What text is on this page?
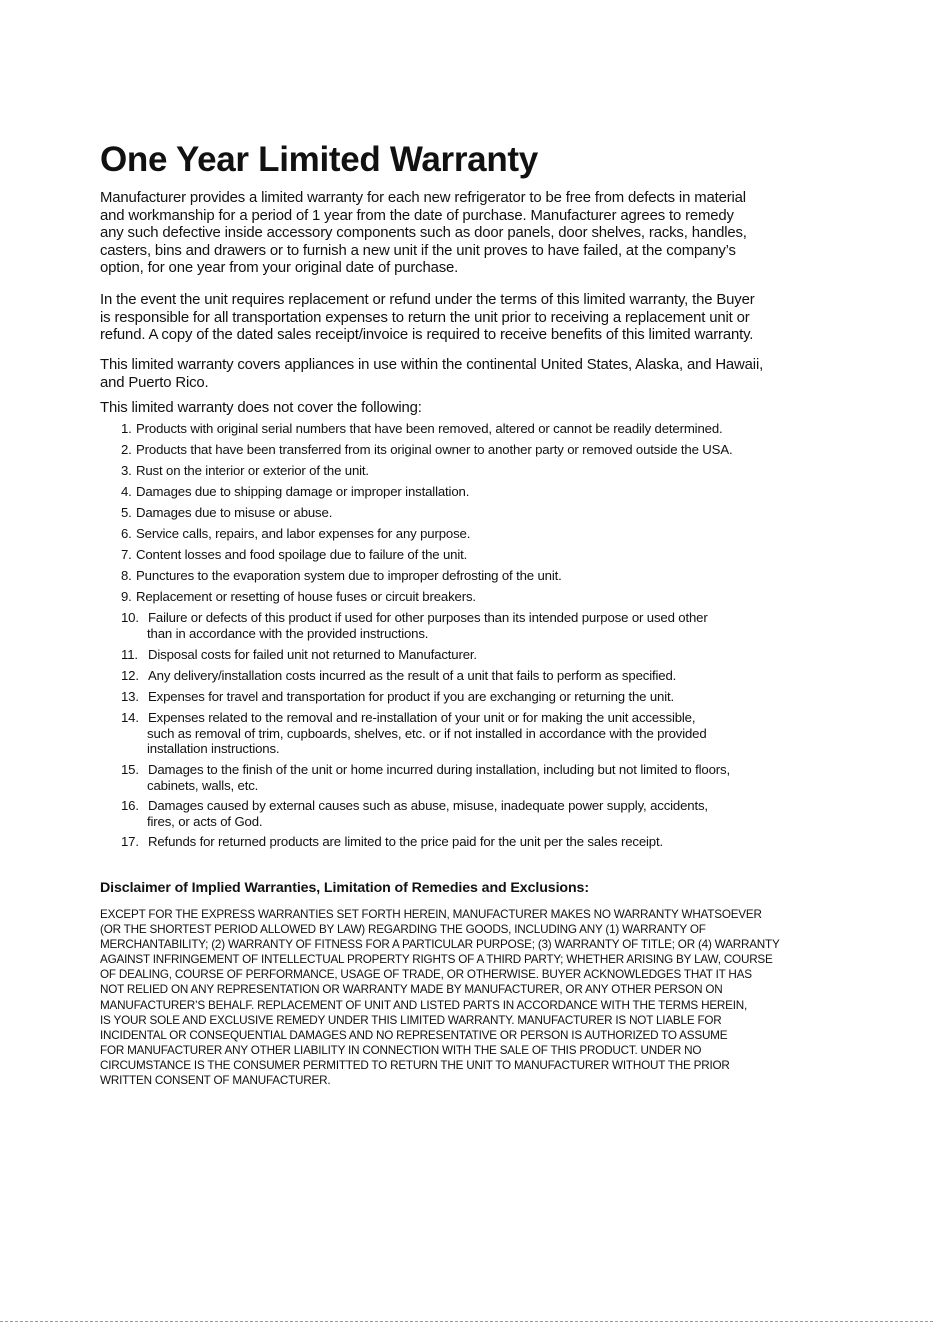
One Year Limited Warranty

Manufacturer provides a limited warranty for each new refrigerator to be free from defects in material
and workmanship for a period of 1 year from the date of purchase. Manufacturer agrees to remedy
any such defective inside accessory components such as door panels, door shelves, racks, handles,
casters, bins and drawers or to furnish a new unit if the unit proves to have failed, at the company’s
option, for one year from your original date of purchase.

In the event the unit requires replacement or refund under the terms of this limited warranty, the Buyer
is responsible for all transportation expenses to return the unit prior to receiving a replacement unit or
refund. A copy of the dated sales receipt/invoice is required to receive benefits of this limited warranty.

This limited warranty covers appliances in use within the continental United States, Alaska, and Hawaii,
and Puerto Rico.

This limited warranty does not cover the following:

1. Products with original serial numbers that have been removed, altered or cannot be readily determined.
2. Products that have been transferred from its original owner to another party or removed outside the USA.
3. Rust on the interior or exterior of the unit.
4. Damages due to shipping damage or improper installation.
5. Damages due to misuse or abuse.
6. Service calls, repairs, and labor expenses for any purpose.
7. Content losses and food spoilage due to failure of the unit.
8. Punctures to the evaporation system due to improper defrosting of the unit.
9. Replacement or resetting of house fuses or circuit breakers.
10. Failure or defects of this product if used for other purposes than its intended purpose or used other
than in accordance with the provided instructions.
11. Disposal costs for failed unit not returned to Manufacturer.
12. Any delivery/installation costs incurred as the result of a unit that fails to perform as specified.
13. Expenses for travel and transportation for product if you are exchanging or returning the unit.
14. Expenses related to the removal and re-installation of your unit or for making the unit accessible,
such as removal of trim, cupboards, shelves, etc. or if not installed in accordance with the provided
installation instructions.
15. Damages to the finish of the unit or home incurred during installation, including but not limited to floors,
cabinets, walls, etc.
16. Damages caused by external causes such as abuse, misuse, inadequate power supply, accidents,
fires, or acts of God.
17. Refunds for returned products are limited to the price paid for the unit per the sales receipt.
Disclaimer of Implied Warranties, Limitation of Remedies and Exclusions:

EXCEPT FOR THE EXPRESS WARRANTIES SET FORTH HEREIN, MANUFACTURER MAKES NO WARRANTY WHATSOEVER
(OR THE SHORTEST PERIOD ALLOWED BY LAW) REGARDING THE GOODS, INCLUDING ANY (1) WARRANTY OF
MERCHANTABILITY; (2) WARRANTY OF FITNESS FOR A PARTICULAR PURPOSE; (3) WARRANTY OF TITLE; OR (4) WARRANTY
AGAINST INFRINGEMENT OF INTELLECTUAL PROPERTY RIGHTS OF A THIRD PARTY; WHETHER ARISING BY LAW, COURSE
OF DEALING, COURSE OF PERFORMANCE, USAGE OF TRADE, OR OTHERWISE. BUYER ACKNOWLEDGES THAT IT HAS
NOT RELIED ON ANY REPRESENTATION OR WARRANTY MADE BY MANUFACTURER, OR ANY OTHER PERSON ON
MANUFACTURER’S BEHALF. REPLACEMENT OF UNIT AND LISTED PARTS IN ACCORDANCE WITH THE TERMS HEREIN,
IS YOUR SOLE AND EXCLUSIVE REMEDY UNDER THIS LIMITED WARRANTY. MANUFACTURER IS NOT LIABLE FOR
INCIDENTAL OR CONSEQUENTIAL DAMAGES AND NO REPRESENTATIVE OR PERSON IS AUTHORIZED TO ASSUME
FOR MANUFACTURER ANY OTHER LIABILITY IN CONNECTION WITH THE SALE OF THIS PRODUCT. UNDER NO
CIRCUMSTANCE IS THE CONSUMER PERMITTED TO RETURN THE UNIT TO MANUFACTURER WITHOUT THE PRIOR
WRITTEN CONSENT OF MANUFACTURER.
